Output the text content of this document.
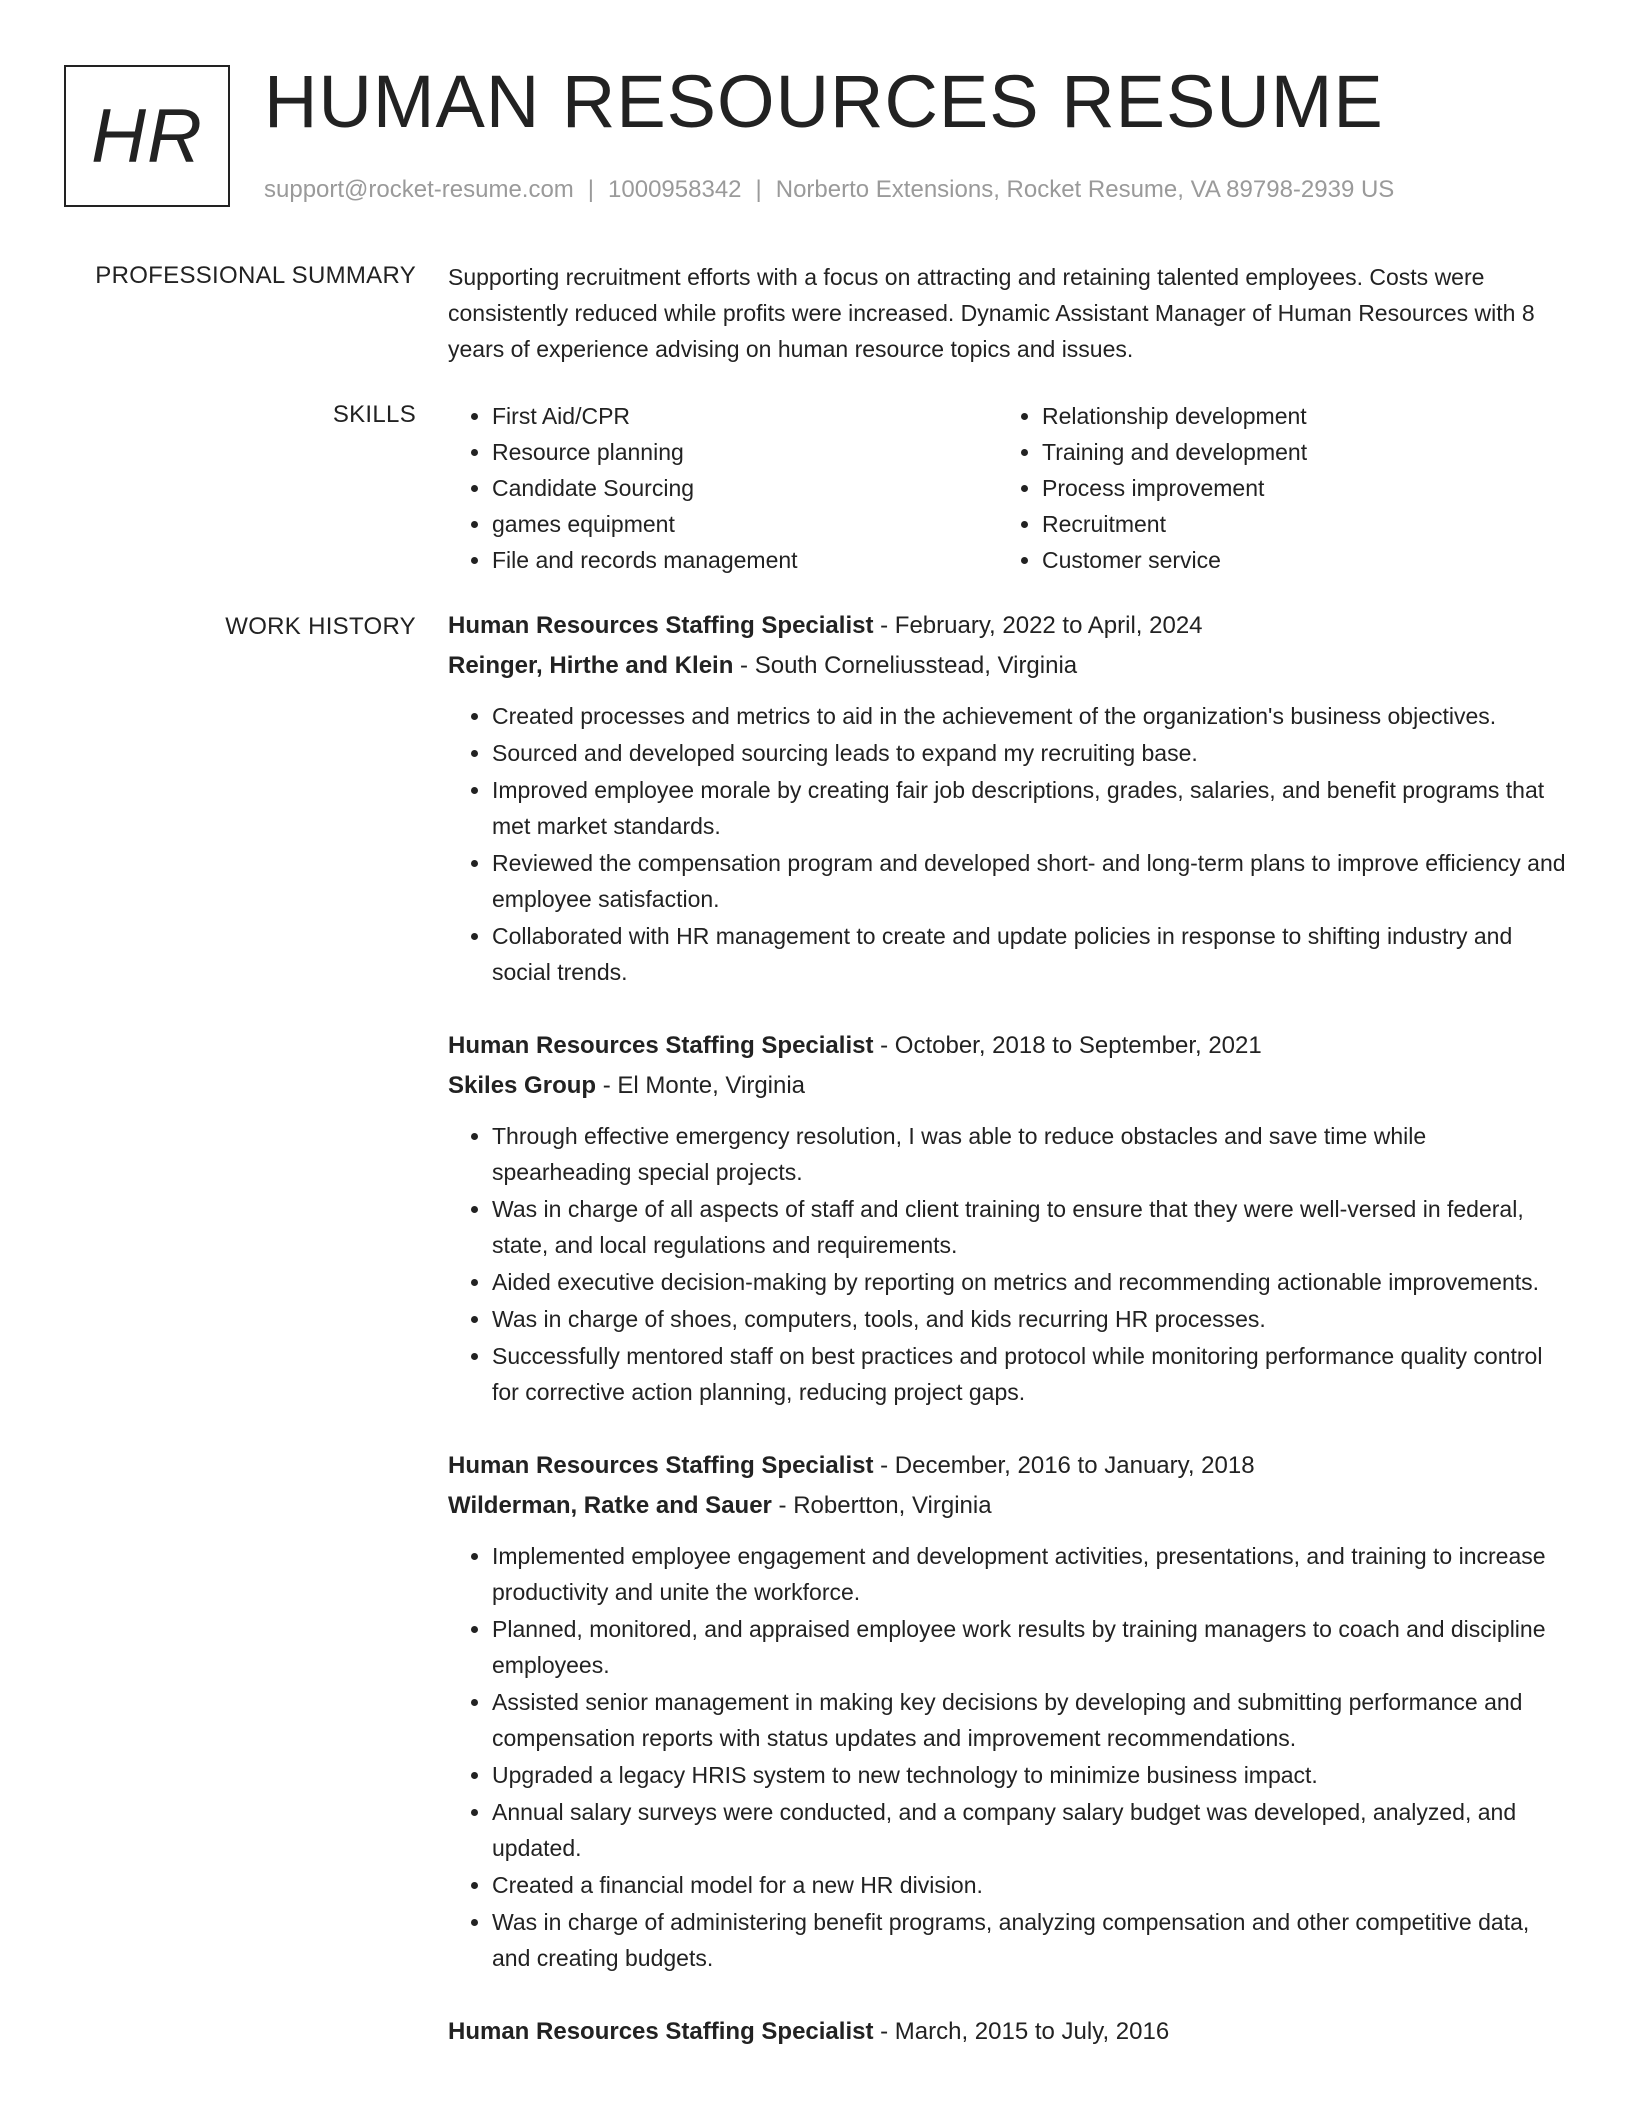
HR HUMAN RESOURCES RESUME
support@rocket-resume.com | 1000958342 | Norberto Extensions, Rocket Resume, VA 89798-2939 US
PROFESSIONAL SUMMARY Supporting recruitment efforts with a focus on attracting and retaining talented employees. Costs were consistently reduced while profits were increased. Dynamic Assistant Manager of Human Resources with 8 years of experience advising on human resource topics and issues.

SKILLS
•	First Aid/CPR
• Resource planning
• Candidate Sourcing
• games equipment
• File and records management
• Relationship development
• Training and development
• Process improvement
• Recruitment
• Customer service
WORK HISTORY Human Resources Staffing Specialist - February, 2022 to April, 2024
Reinger, Hirthe and Klein - South Corneliusstead, Virginia
• Created processes and metrics to aid in the achievement of the organization's business objectives.
• Sourced and developed sourcing leads to expand my recruiting base.
• Improved employee morale by creating fair job descriptions, grades, salaries, and benefit programs that met market standards.
• Reviewed the compensation program and developed short- and long-term plans to improve efficiency and employee satisfaction.
• Collaborated with HR management to create and update policies in response to shifting industry and social trends.
Human Resources Staffing Specialist - October, 2018 to September, 2021
Skiles Group - El Monte, Virginia
• Through effective emergency resolution, I was able to reduce obstacles and save time while spearheading special projects.
• Was in charge of all aspects of staff and client training to ensure that they were well-versed in federal, state, and local regulations and requirements.
• Aided executive decision-making by reporting on metrics and recommending actionable improvements.
• Was in charge of shoes, computers, tools, and kids recurring HR processes.
• Successfully mentored staff on best practices and protocol while monitoring performance quality control for corrective action planning, reducing project gaps.
Human Resources Staffing Specialist - December, 2016 to January, 2018
Wilderman, Ratke and Sauer - Robertton, Virginia
• Implemented employee engagement and development activities, presentations, and training to increase productivity and unite the workforce.
• Planned, monitored, and appraised employee work results by training managers to coach and discipline employees.
• Assisted senior management in making key decisions by developing and submitting performance and compensation reports with status updates and improvement recommendations.
• Upgraded a legacy HRIS system to new technology to minimize business impact.
• Annual salary surveys were conducted, and a company salary budget was developed, analyzed, and updated.
• Created a financial model for a new HR division.
• Was in charge of administering benefit programs, analyzing compensation and other competitive data, and creating budgets.
Human Resources Staffing Specialist - March, 2015 to July, 2016
